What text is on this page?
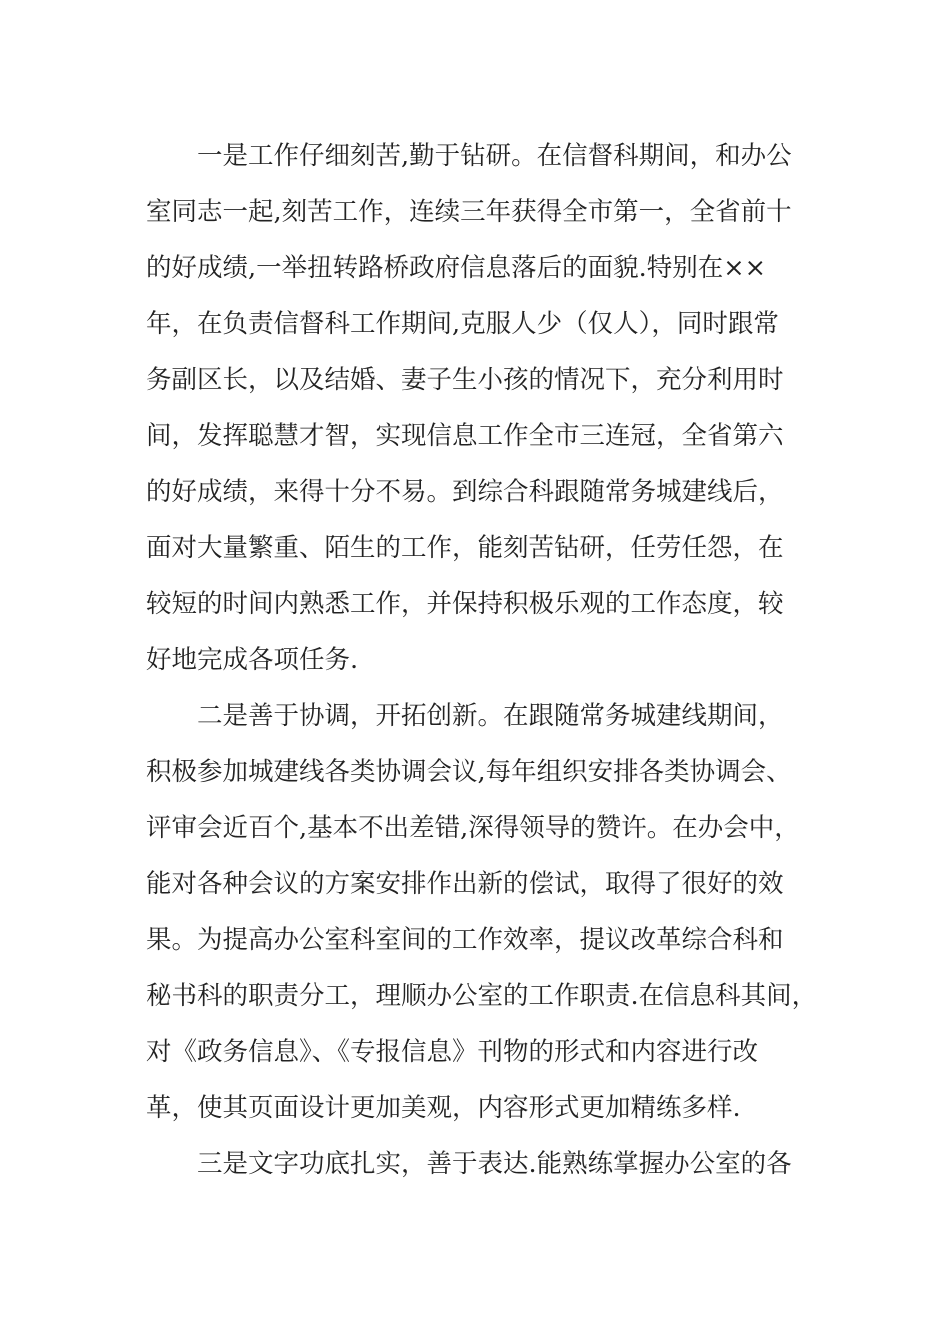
　　一是工作仔细刻苦,勤于钻研。在信督科期间，和办公
室同志一起,刻苦工作，连续三年获得全市第一，全省前十
的好成绩,一举扭转路桥政府信息落后的面貌.特别在××
年，在负责信督科工作期间,克服人少（仅人），同时跟常
务副区长，以及结婚、妻子生小孩的情况下，充分利用时
间，发挥聪慧才智，实现信息工作全市三连冠，全省第六
的好成绩，来得十分不易。到综合科跟随常务城建线后，
面对大量繁重、陌生的工作，能刻苦钻研，任劳任怨，在
较短的时间内熟悉工作，并保持积极乐观的工作态度，较
好地完成各项任务.
　　二是善于协调，开拓创新。在跟随常务城建线期间，
积极参加城建线各类协调会议,每年组织安排各类协调会、
评审会近百个,基本不出差错,深得领导的赞许。在办会中，
能对各种会议的方案安排作出新的偿试，取得了很好的效
果。为提高办公室科室间的工作效率，提议改革综合科和
秘书科的职责分工，理顺办公室的工作职责.在信息科其间，
对《政务信息》、《专报信息》刊物的形式和内容进行改
革，使其页面设计更加美观，内容形式更加精练多样.
　　三是文字功底扎实，善于表达.能熟练掌握办公室的各
